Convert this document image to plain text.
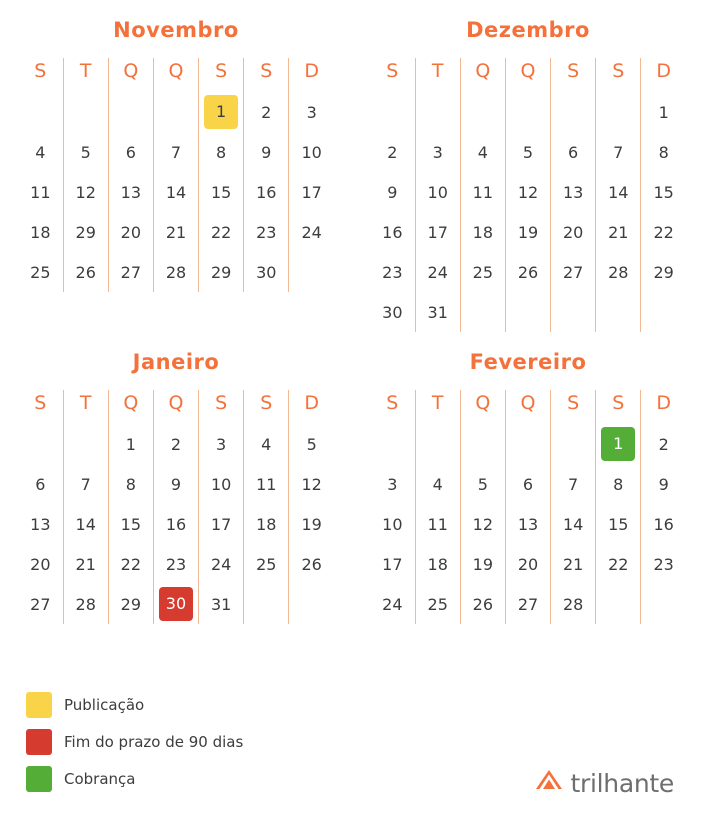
Novembro
S	T	Q	Q	S	S	D
				1	2	3
4	5	6	7	8	9	10
11	12	13	14	15	16	17
18	29	20	21	22	23	24
25	26	27	28	29	30	
Dezembro
S	T	Q	Q	S	S	D
						1
2	3	4	5	6	7	8
9	10	11	12	13	14	15
16	17	18	19	20	21	22
23	24	25	26	27	28	29
30	31					
Janeiro
S	T	Q	Q	S	S	D
		1	2	3	4	5
6	7	8	9	10	11	12
13	14	15	16	17	18	19
20	21	22	23	24	25	26
27	28	29	30	31		
Fevereiro
S	T	Q	Q	S	S	D
					1	2
3	4	5	6	7	8	9
10	11	12	13	14	15	16
17	18	19	20	21	22	23
24	25	26	27	28		
Publicação
Fim do prazo de 90 dias
Cobrança	trilhante
